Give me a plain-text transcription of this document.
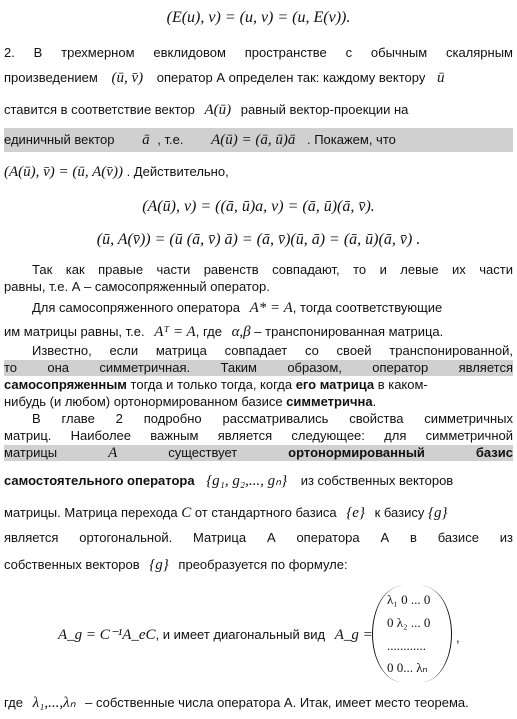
(E(u), v) = (u, v) = (u, E(v)).
2. В трехмерном евклидовом пространстве с обычным скалярным
произведением (ū, v̄) оператор А определен так: каждому вектору ū
ставится в соответствие вектор A(ū) равный вектор-проекции на
единичный вектор ā , т.е. A(ū) = (ā, ū)ā . Покажем, что
(A(ū), v̄) = (ū, A(v̄)) . Действительно,
(A(ū), v) = ((ā, ū)a, v) = (ā, ū)(ā, v̄).
(ū, A(v̄)) = (ū (ā, v̄) ā) = (ā, v̄)(ū, ā) = (ā, ū)(ā, v̄) .
Так как правые части равенств совпадают, то и левые их части
равны, т.е. А – самосопряженный оператор.
Для самосопряженного оператора A* = A, тогда соответствующие
им матрицы равны, т.е. Aᵀ = A, где α,β – транспонированная матрица.
Известно, если матрица совпадает со своей транспонированной,
то она симметричная. Таким образом, оператор является
самосопряженным тогда и только тогда, когда его матрица в каком-
нибудь (и любом) ортонормированном базисе симметрична.
В главе 2 подробно рассматривались свойства симметричных
матриц. Наиболее важным является следующее: для симметричной
матрицы	А	существует	ортонормированный	базис
самостоятельного оператора {g₁, g₂,..., gₙ} из собственных векторов
матрицы. Матрица перехода С от стандартного базиса {e} к базису {g}
является ортогональной. Матрица А оператора А в базисе из
собственных векторов {g} преобразуется по формуле:
A_g = C⁻¹A_eC, и имеет диагональный вид A_g =
λ₁ 0 ... 0
0 λ₂ ... 0
............
0 0... λₙ
,
где λ₁,...,λₙ – собственные числа оператора А. Итак, имеет место теорема.
